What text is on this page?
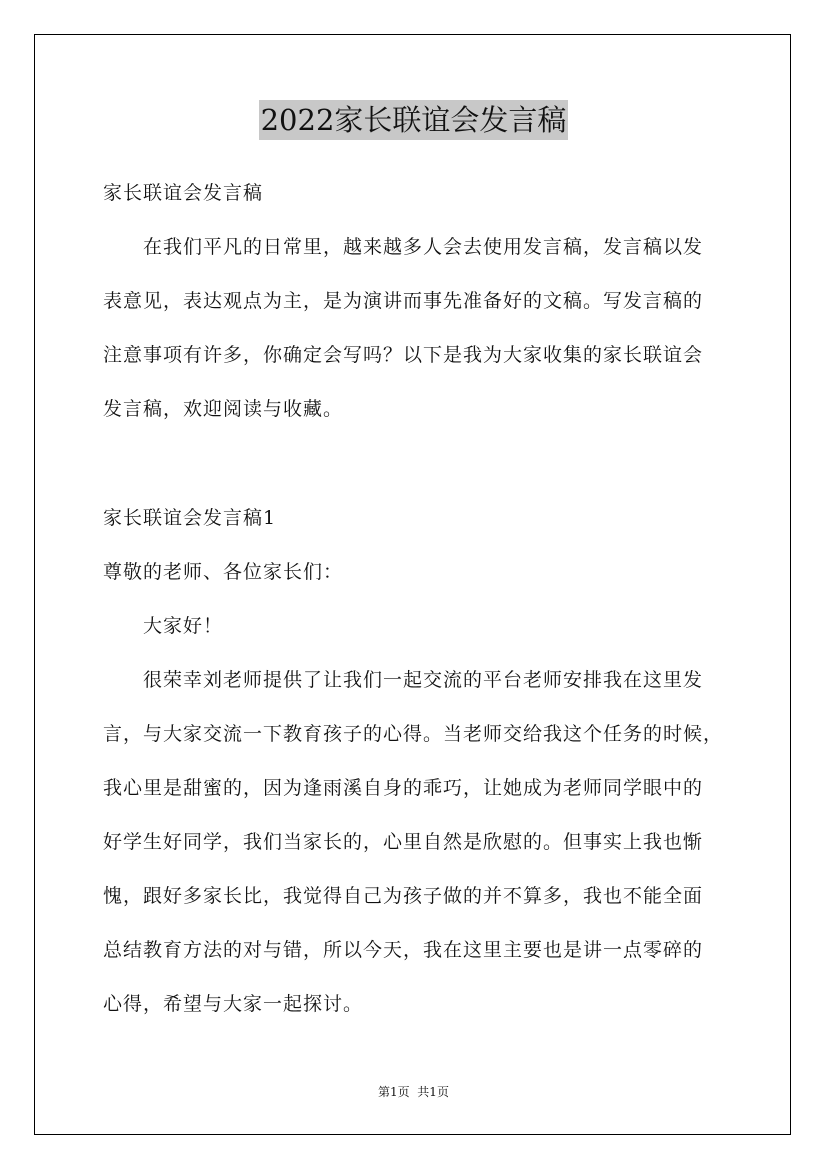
2022家长联谊会发言稿
家长联谊会发言稿
在我们平凡的日常里，越来越多人会去使用发言稿，发言稿以发
表意见，表达观点为主，是为演讲而事先准备好的文稿。写发言稿的
注意事项有许多，你确定会写吗？以下是我为大家收集的家长联谊会
发言稿，欢迎阅读与收藏。
家长联谊会发言稿1
尊敬的老师、各位家长们：
大家好！
很荣幸刘老师提供了让我们一起交流的平台老师安排我在这里发
言，与大家交流一下教育孩子的心得。当老师交给我这个任务的时候，
我心里是甜蜜的，因为逢雨溪自身的乖巧，让她成为老师同学眼中的
好学生好同学，我们当家长的，心里自然是欣慰的。但事实上我也惭
愧，跟好多家长比，我觉得自己为孩子做的并不算多，我也不能全面
总结教育方法的对与错，所以今天，我在这里主要也是讲一点零碎的
心得，希望与大家一起探讨。
第1页  共1页
